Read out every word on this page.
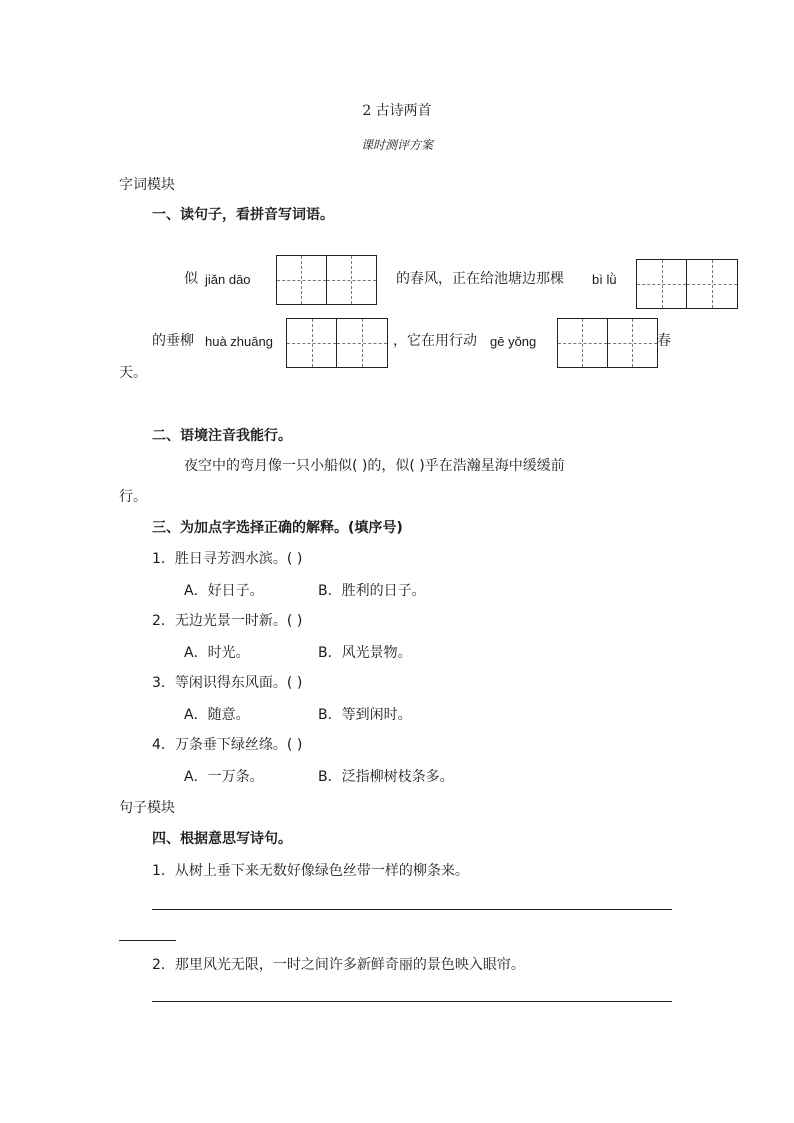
2 古诗两首
课时测评方案
字词模块
一、读句子，看拼音写词语。
似 jiǎn dāo	的春风，正在给池塘边那棵 bì lǜ
的垂柳 huà zhuāng	，它在用行动 gē yǒng	春
天。
二、语境注音我能行。
夜空中的弯月像一只小船似( )的，似( )乎在浩瀚星海中缓缓前
行。
三、为加点字选择正确的解释。(填序号)
1．胜日寻芳泗水滨。( )
A．好日子。	B．胜利的日子。
2．无边光景一时新。( )
A．时光。	B．风光景物。
3．等闲识得东风面。( )
A．随意。	B．等到闲时。
4．万条垂下绿丝绦。( )
A．一万条。	B．泛指柳树枝条多。
句子模块
四、根据意思写诗句。
1．从树上垂下来无数好像绿色丝带一样的柳条来。
2．那里风光无限，一时之间许多新鲜奇丽的景色映入眼帘。
